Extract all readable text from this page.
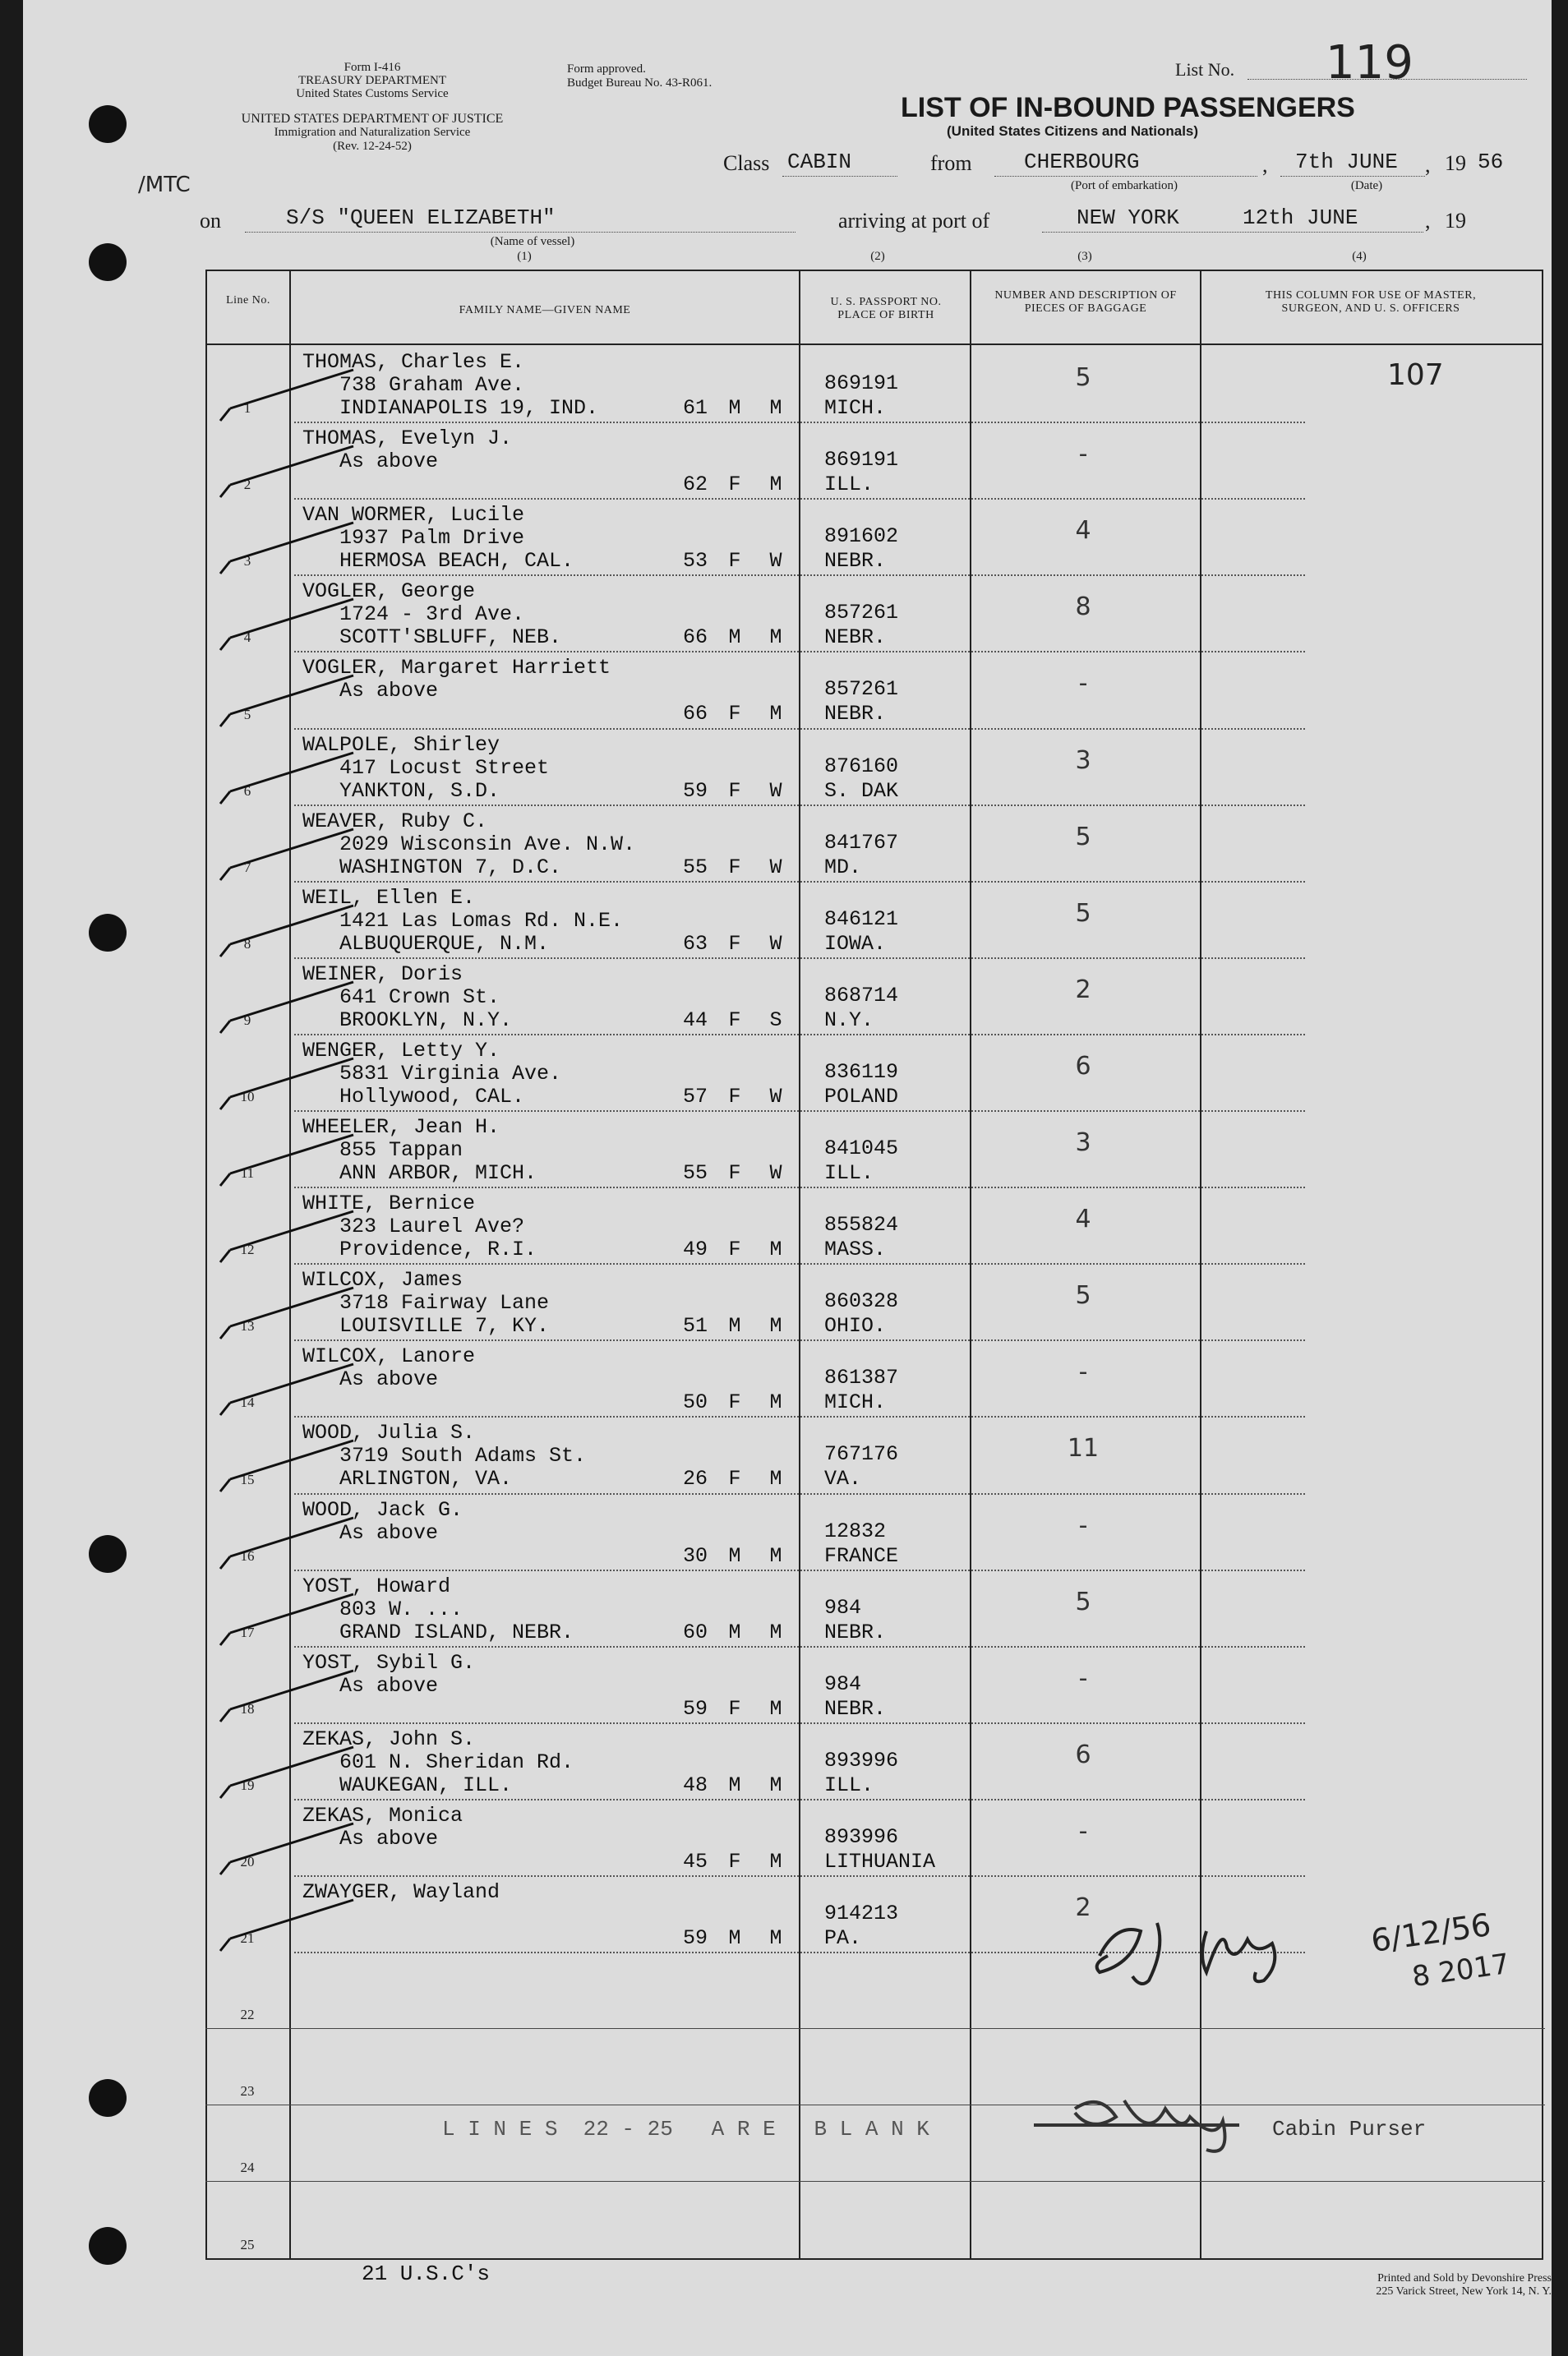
Form I-416
TREASURY DEPARTMENT
United States Customs Service
UNITED STATES DEPARTMENT OF JUSTICE
Immigration and Naturalization Service
(Rev. 12-24-52)
Form approved.
Budget Bureau No. 43-R061.
List No. 119
LIST OF IN-BOUND PASSENGERS
(United States Citizens and Nationals)
/MTC
Class CABIN	from CHERBOURG
(Port of embarkation)
, 7th JUNE , 19 56
(Date)
on	S/S "QUEEN ELIZABETH"
(Name of vessel)
(1)
arriving at port of	NEW YORK	12th JUNE	, 19
(2)	(3)	(4)
Line No.
FAMILY NAME—GIVEN NAME
U. S. PASSPORT NO. PLACE OF BIRTH
NUMBER AND DESCRIPTION OF PIECES OF BAGGAGE
THIS COLUMN FOR USE OF MASTER, SURGEON, AND U. S. OFFICERS
1
THOMAS, Charles E.
738 Graham Ave.
INDIANAPOLIS 19, IND.	61 M M
869191
MICH.
5	107
2
THOMAS, Evelyn J.
As above
62 F M
869191
ILL.
-
3
VAN WORMER, Lucile
1937 Palm Drive
HERMOSA BEACH, CAL.	53 F W
891602
NEBR.
4
4
VOGLER, George
1724 - 3rd Ave.
SCOTT'SBLUFF, NEB.	66 M M
857261
NEBR.
8
5
VOGLER, Margaret Harriett
As above
66 F M
857261
NEBR.
-
6
WALPOLE, Shirley
417 Locust Street
YANKTON, S.D.	59 F W
876160
S. DAK
3
7
WEAVER, Ruby C.
2029 Wisconsin Ave. N.W.
WASHINGTON 7, D.C.	55 F W
841767
MD.
5
8
WEIL, Ellen E.
1421 Las Lomas Rd. N.E.
ALBUQUERQUE, N.M.	63 F W
846121
IOWA.
5
9
WEINER, Doris
641 Crown St.
BROOKLYN, N.Y.	44 F S
868714
N.Y.
2
10
WENGER, Letty Y.
5831 Virginia Ave.
Hollywood, CAL.	57 F W
836119
POLAND
6
11
WHEELER, Jean H.
855 Tappan
ANN ARBOR, MICH.	55 F W
841045
ILL.
3
12
WHITE, Bernice
323 Laurel Ave?
Providence, R.I.	49 F M
855824
MASS.
4
13
WILCOX, James
3718 Fairway Lane
LOUISVILLE 7, KY.	51 M M
860328
OHIO.
5
14
WILCOX, Lanore
As above
50 F M
861387
MICH.
-
15
WOOD, Julia S.
3719 South Adams St.
ARLINGTON, VA.	26 F M
767176
VA.
11
16
WOOD, Jack G.
As above
30 M M
12832
FRANCE
-
17
YOST, Howard
803 W. ...
GRAND ISLAND, NEBR.	60 M M
984
NEBR.
5
18
YOST, Sybil G.
As above
59 F M
984
NEBR.
-
19
ZEKAS, John S.
601 N. Sheridan Rd.
WAUKEGAN, ILL.	48 M M
893996
ILL.
6
20
ZEKAS, Monica
As above
45 F M
893996
LITHUANIA
-
21
ZWAYGER, Wayland
59 M M
914213
PA.
2
22
23
24
25
6/12/56
8 2017
L I N E S  22 - 25   A R E   B L A N K	Cabin Purser
21 U.S.C's	Printed and Sold by Devonshire Press
225 Varick Street, New York 14, N. Y.
